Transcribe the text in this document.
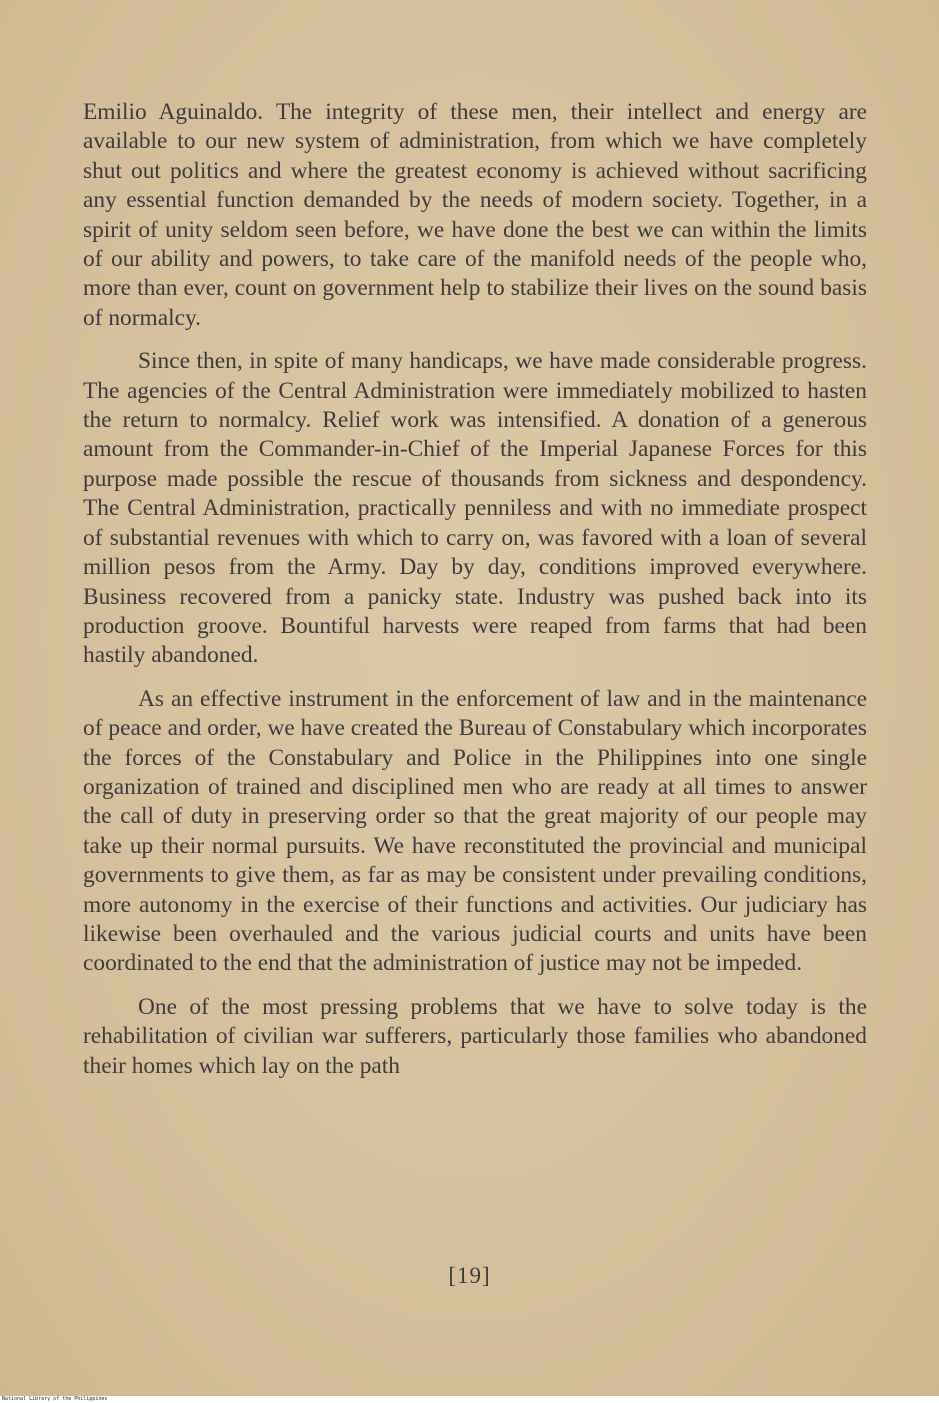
Emilio Aguinaldo. The integrity of these men, their intellect and energy are available to our new system of administration, from which we have completely shut out politics and where the greatest economy is achieved without sacrificing any essential function demanded by the needs of modern society. Together, in a spirit of unity seldom seen before, we have done the best we can within the limits of our ability and powers, to take care of the manifold needs of the people who, more than ever, count on government help to stabilize their lives on the sound basis of normalcy.

Since then, in spite of many handicaps, we have made considerable progress. The agencies of the Central Administration were immediately mobilized to hasten the return to normalcy. Relief work was intensified. A donation of a generous amount from the Commander-in-Chief of the Imperial Japanese Forces for this purpose made possible the rescue of thousands from sickness and despondency. The Central Administration, practically penniless and with no immediate prospect of substantial revenues with which to carry on, was favored with a loan of several million pesos from the Army. Day by day, conditions improved everywhere. Business recovered from a panicky state. Industry was pushed back into its production groove. Bountiful harvests were reaped from farms that had been hastily abandoned.

As an effective instrument in the enforcement of law and in the maintenance of peace and order, we have created the Bureau of Constabulary which incorporates the forces of the Constabulary and Police in the Philippines into one single organization of trained and disciplined men who are ready at all times to answer the call of duty in preserving order so that the great majority of our people may take up their normal pursuits. We have reconstituted the provincial and municipal governments to give them, as far as may be consistent under prevailing conditions, more autonomy in the exercise of their functions and activities. Our judiciary has likewise been overhauled and the various judicial courts and units have been coordinated to the end that the administration of justice may not be impeded.

One of the most pressing problems that we have to solve today is the rehabilitation of civilian war sufferers, particularly those families who abandoned their homes which lay on the path

[19]
National Library of the Philippines
